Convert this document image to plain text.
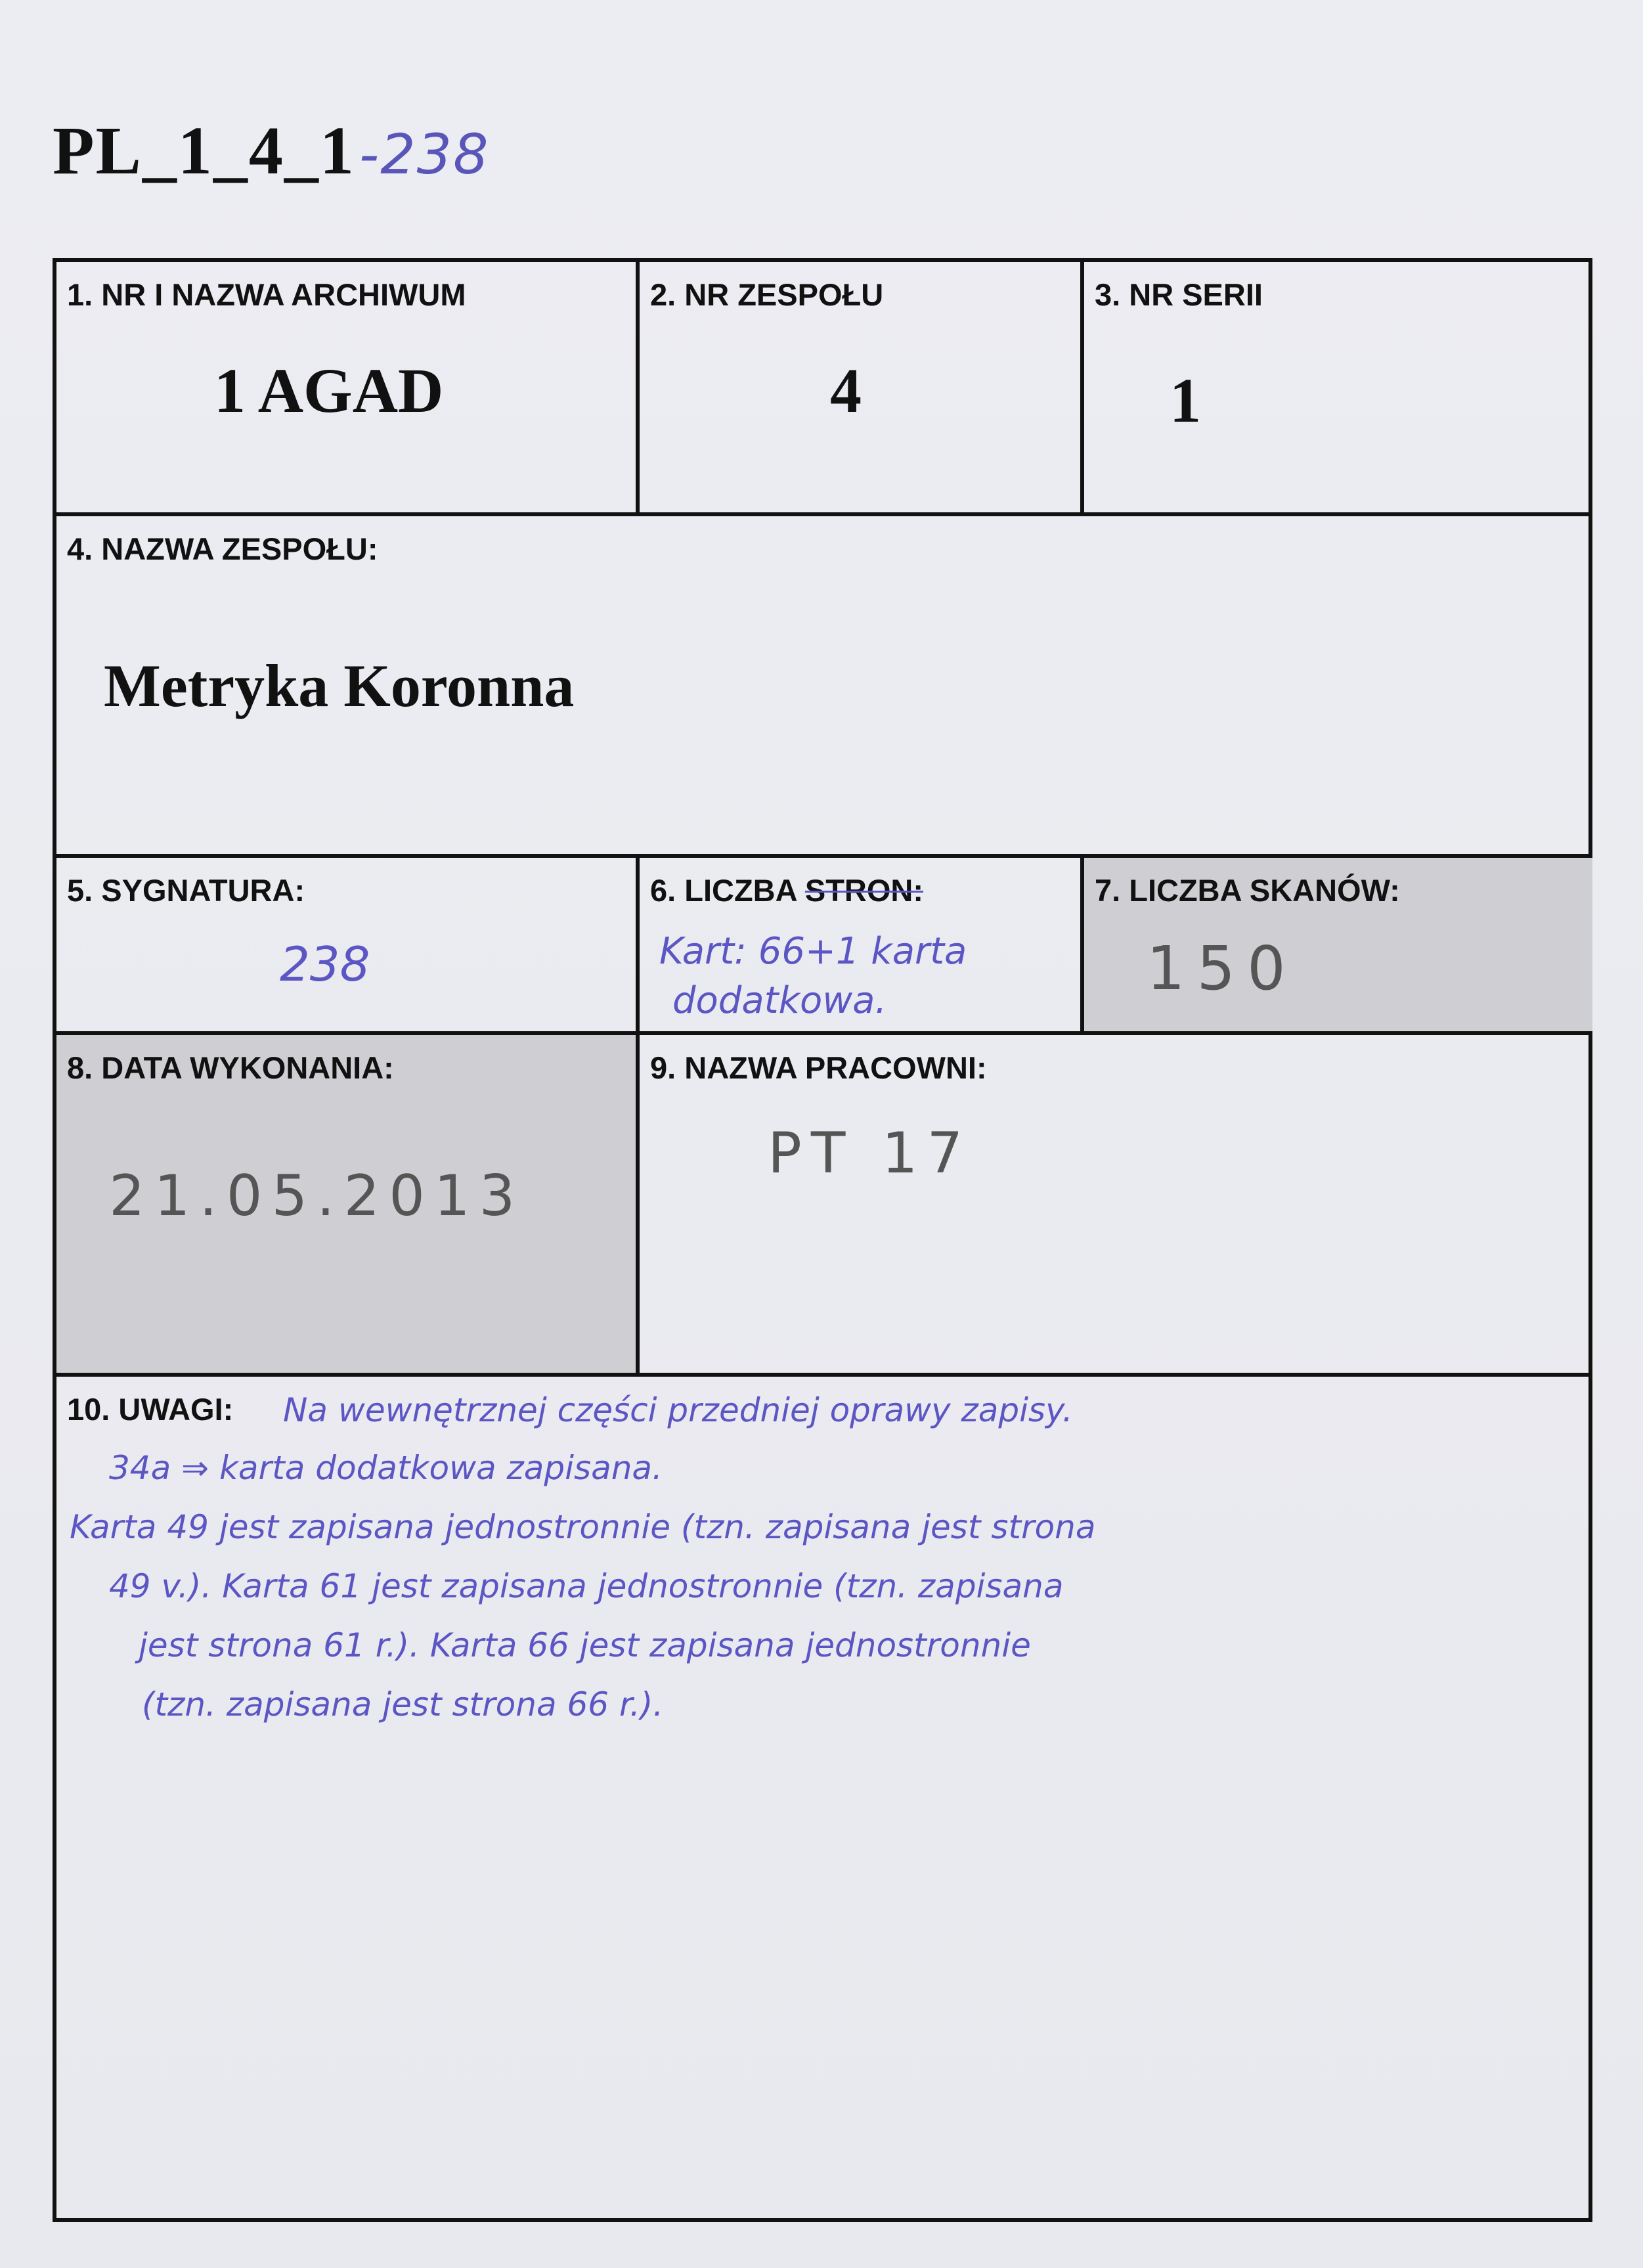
PL_1_4_1-238
1. NR I NAZWA ARCHIWUM
1 AGAD
2. NR ZESPOŁU
4
3. NR SERII
1
4. NAZWA ZESPOŁU:
Metryka Koronna
5. SYGNATURA:
238
6. LICZBA STRON:
Kart: 66+1 karta
dodatkowa.
7. LICZBA SKANÓW:
150
8. DATA WYKONANIA:
21.05.2013
9. NAZWA PRACOWNI:
PT 17
10. UWAGI: Na wewnętrznej części przedniej oprawy zapisy.
34a ⇒ karta dodatkowa zapisana.
Karta 49 jest zapisana jednostronnie (tzn. zapisana jest strona
49 v.). Karta 61 jest zapisana jednostronnie (tzn. zapisana
jest strona 61 r.). Karta 66 jest zapisana jednostronnie
(tzn. zapisana jest strona 66 r.).
